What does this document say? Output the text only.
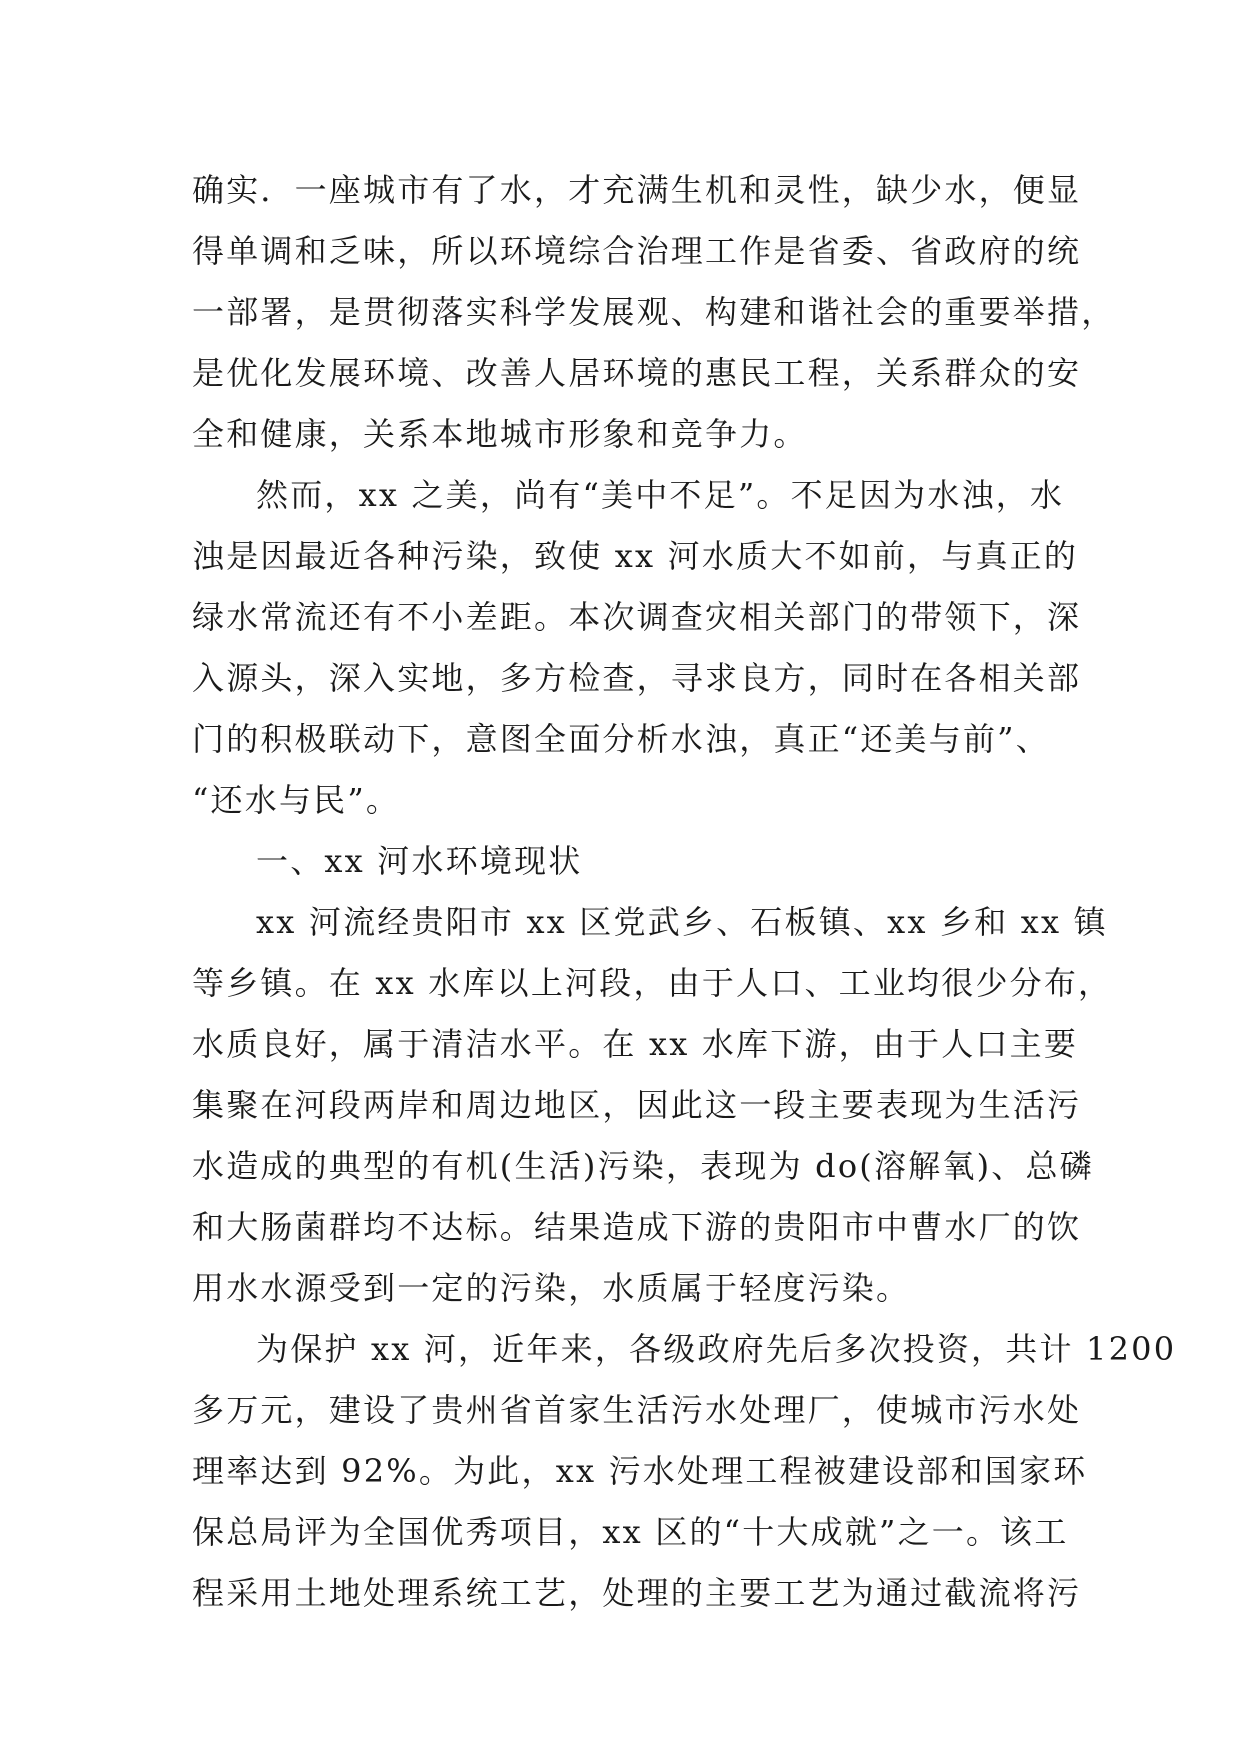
确实．一座城市有了水，才充满生机和灵性，缺少水，便显
得单调和乏味，所以环境综合治理工作是省委、省政府的统
一部署，是贯彻落实科学发展观、构建和谐社会的重要举措，
是优化发展环境、改善人居环境的惠民工程，关系群众的安
全和健康，关系本地城市形象和竞争力。

然而，xx 之美，尚有“美中不足”。不足因为水浊，水
浊是因最近各种污染，致使 xx 河水质大不如前，与真正的
绿水常流还有不小差距。本次调查灾相关部门的带领下，深
入源头，深入实地，多方检查，寻求良方，同时在各相关部
门的积极联动下，意图全面分析水浊，真正“还美与前”、
“还水与民”。

一、xx 河水环境现状

xx 河流经贵阳市 xx 区党武乡、石板镇、xx 乡和 xx 镇
等乡镇。在 xx 水库以上河段，由于人口、工业均很少分布，
水质良好，属于清洁水平。在 xx 水库下游，由于人口主要
集聚在河段两岸和周边地区，因此这一段主要表现为生活污
水造成的典型的有机(生活)污染，表现为 do(溶解氧)、总磷
和大肠菌群均不达标。结果造成下游的贵阳市中曹水厂的饮
用水水源受到一定的污染，水质属于轻度污染。

为保护 xx 河，近年来，各级政府先后多次投资，共计 1200
多万元，建设了贵州省首家生活污水处理厂，使城市污水处
理率达到 92%。为此，xx 污水处理工程被建设部和国家环
保总局评为全国优秀项目，xx 区的“十大成就”之一。该工
程采用土地处理系统工艺，处理的主要工艺为通过截流将污
